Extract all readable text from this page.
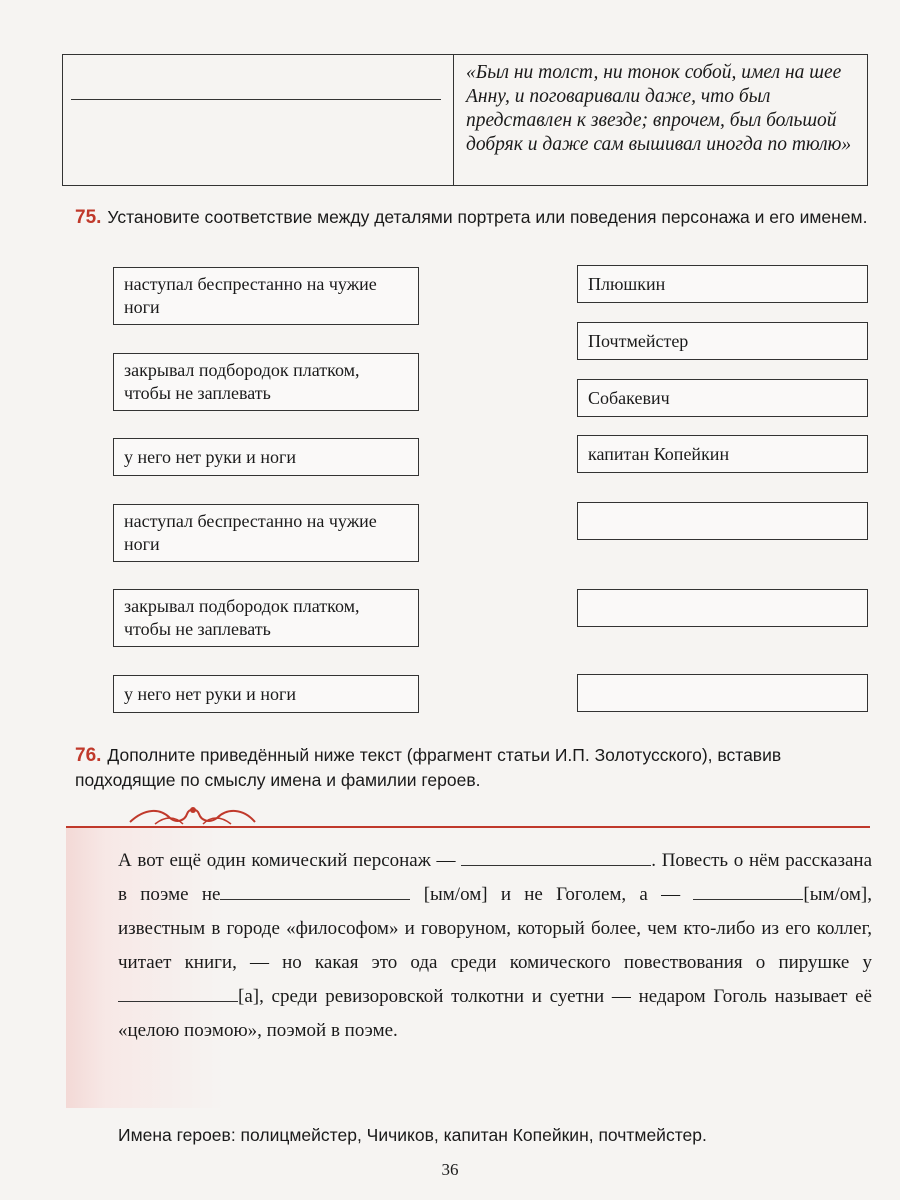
«Был ни толст, ни тонок собой, имел на шее Анну, и поговаривали даже, что был представлен к звезде; впрочем, был большой добряк и даже сам вышивал иногда по тюлю»
75. Установите соответствие между деталями портрета или поведения персонажа и его именем.
наступал беспрестанно на чужие ноги
закрывал подбородок платком, чтобы не заплевать
у него нет руки и ноги
наступал беспрестанно на чужие ноги
закрывал подбородок платком, чтобы не заплевать
у него нет руки и ноги
Плюшкин
Почтмейстер
Собакевич
капитан Копейкин
76. Дополните приведённый ниже текст (фрагмент статьи И.П. Золотусского), вставив подходящие по смыслу имена и фамилии героев.
А вот ещё один комический персонаж —	. Повесть о нём рассказана в поэме не	[ым/ом] и не Гоголем, а —	[ым/ом], известным в городе «философом» и говоруном, который более, чем кто-либо из его коллег, читает книги, — но какая это ода среди комического повествования о пирушке у[а], среди ревизоровской толкотни и суетни — недаром Гоголь называет её «целою поэмою», поэмой в поэме.
Имена героев: полицмейстер, Чичиков, капитан Копейкин, почтмейстер.
36
